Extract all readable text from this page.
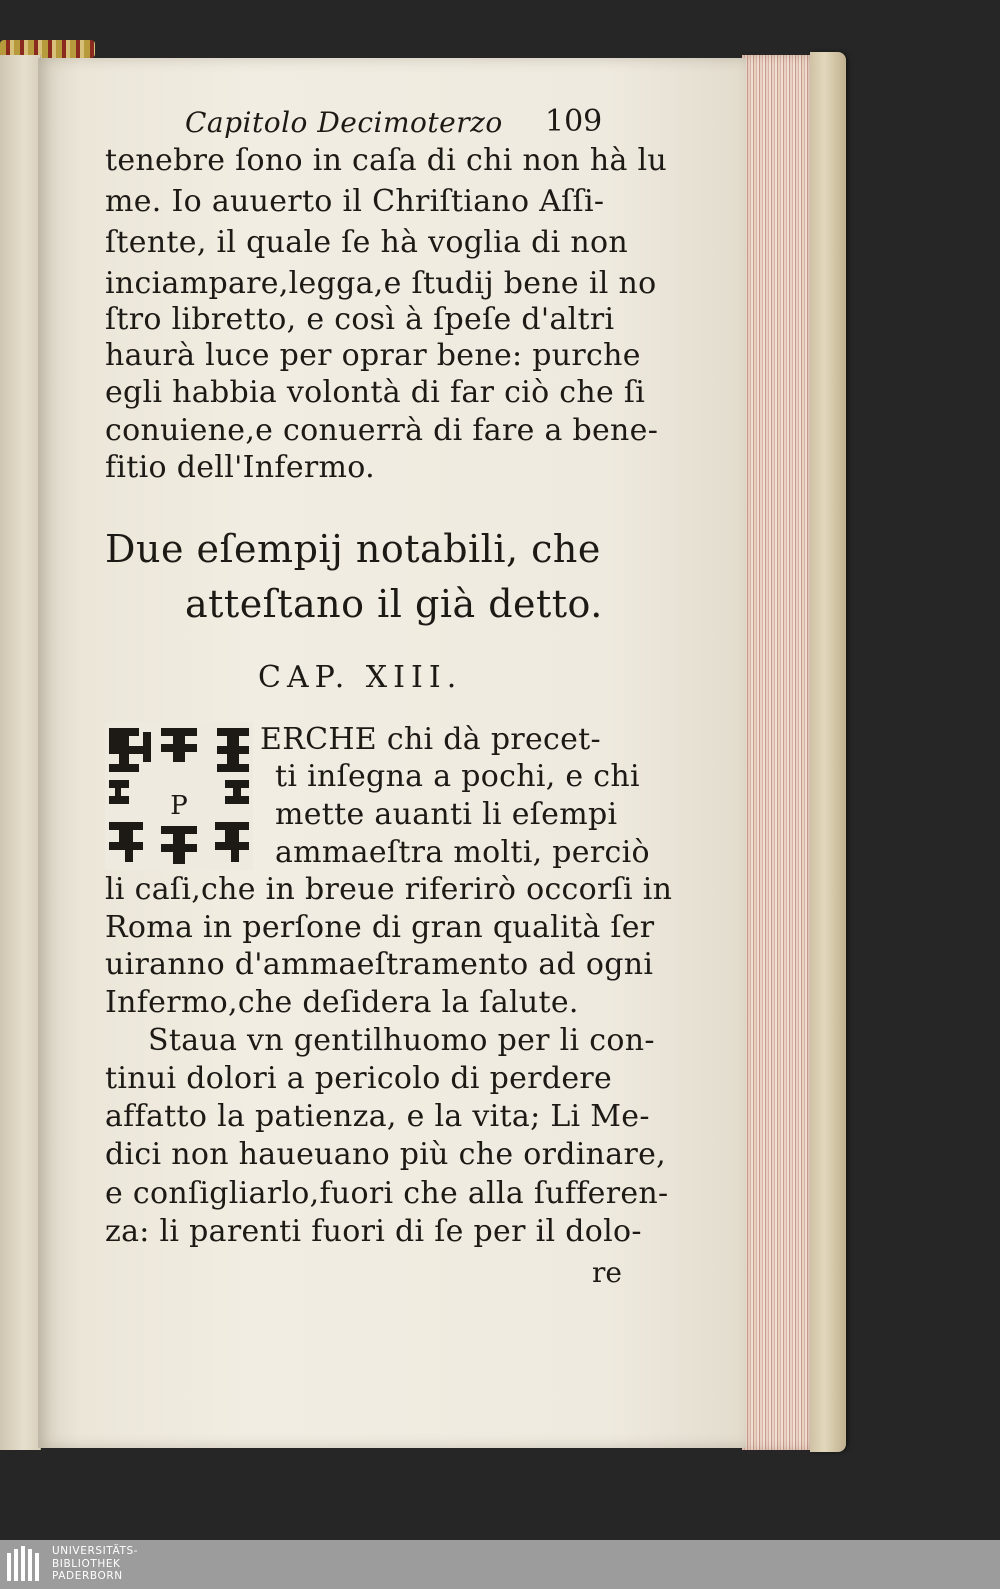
Capitolo Decimoterzo 109
tenebre ſono in caſa di chi non hà lu
me. Io auuerto il Chriſtiano Aſſi-
ſtente, il quale ſe hà voglia di non
inciampare,legga,e ſtudij bene il no
ſtro libretto, e così à ſpeſe d'altri
haurà luce per oprar bene: purche
egli habbia volontà di far ciò che ſi
conuiene,e conuerrà di fare a bene-
fitio dell'Infermo.
Due eſempij notabili, che
atteſtano il già detto.
CAP. XIII.
P
ERCHE chi dà precet-
ti inſegna a pochi, e chi
mette auanti li eſempi
ammaeſtra molti, perciò
li caſi,che in breue riferirò occorſi in
Roma in perſone di gran qualità ſer
uiranno d'ammaeſtramento ad ogni
Infermo,che deſidera la ſalute.
Staua vn gentilhuomo per li con-
tinui dolori a pericolo di perdere
affatto la patienza, e la vita; Li Me-
dici non haueuano più che ordinare,
e conſigliarlo,fuori che alla ſufferen-
za: li parenti fuori di ſe per il dolo-
re
UNIVERSITÄTS-
BIBLIOTHEK
PADERBORN
